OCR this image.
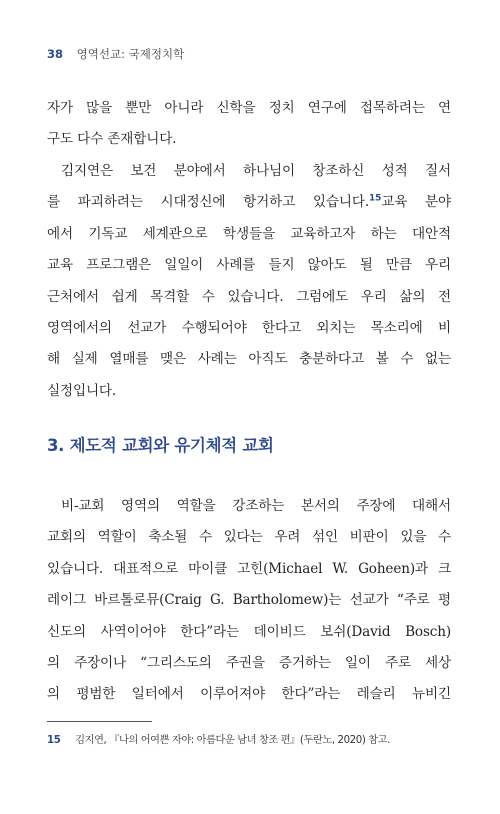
38 영역선교: 국제정치학
자가 많을 뿐만 아니라 신학을 정치 연구에 접목하려는 연
구도 다수 존재합니다.
김지연은 보건 분야에서 하나님이 창조하신 성적 질서
를 파괴하려는 시대정신에 항거하고 있습니다.$^{15}$교육 분야
에서 기독교 세계관으로 학생들을 교육하고자 하는 대안적
교육 프로그램은 일일이 사례를 들지 않아도 될 만큼 우리
근처에서 쉽게 목격할 수 있습니다. 그럼에도 우리 삶의 전
영역에서의 선교가 수행되어야 한다고 외치는 목소리에 비
해 실제 열매를 맺은 사례는 아직도 충분하다고 볼 수 없는
실정입니다.
3. 제도적 교회와 유기체적 교회
비-교회 영역의 역할을 강조하는 본서의 주장에 대해서
교회의 역할이 축소될 수 있다는 우려 섞인 비판이 있을 수
있습니다. 대표적으로 마이클 고힌(Michael W. Goheen)과 크
레이그 바르톨로뮤(Craig G. Bartholomew)는 선교가 “주로 평
신도의 사역이어야 한다”라는 데이비드 보쉬(David Bosch)
의 주장이나 “그리스도의 주권을 증거하는 일이 주로 세상
의 평범한 일터에서 이루어져야 한다”라는 레슬리 뉴비긴
15 김지연, 『나의 어여쁜 자야: 아름다운 남녀 창조 편』(두란노, 2020) 참고.
